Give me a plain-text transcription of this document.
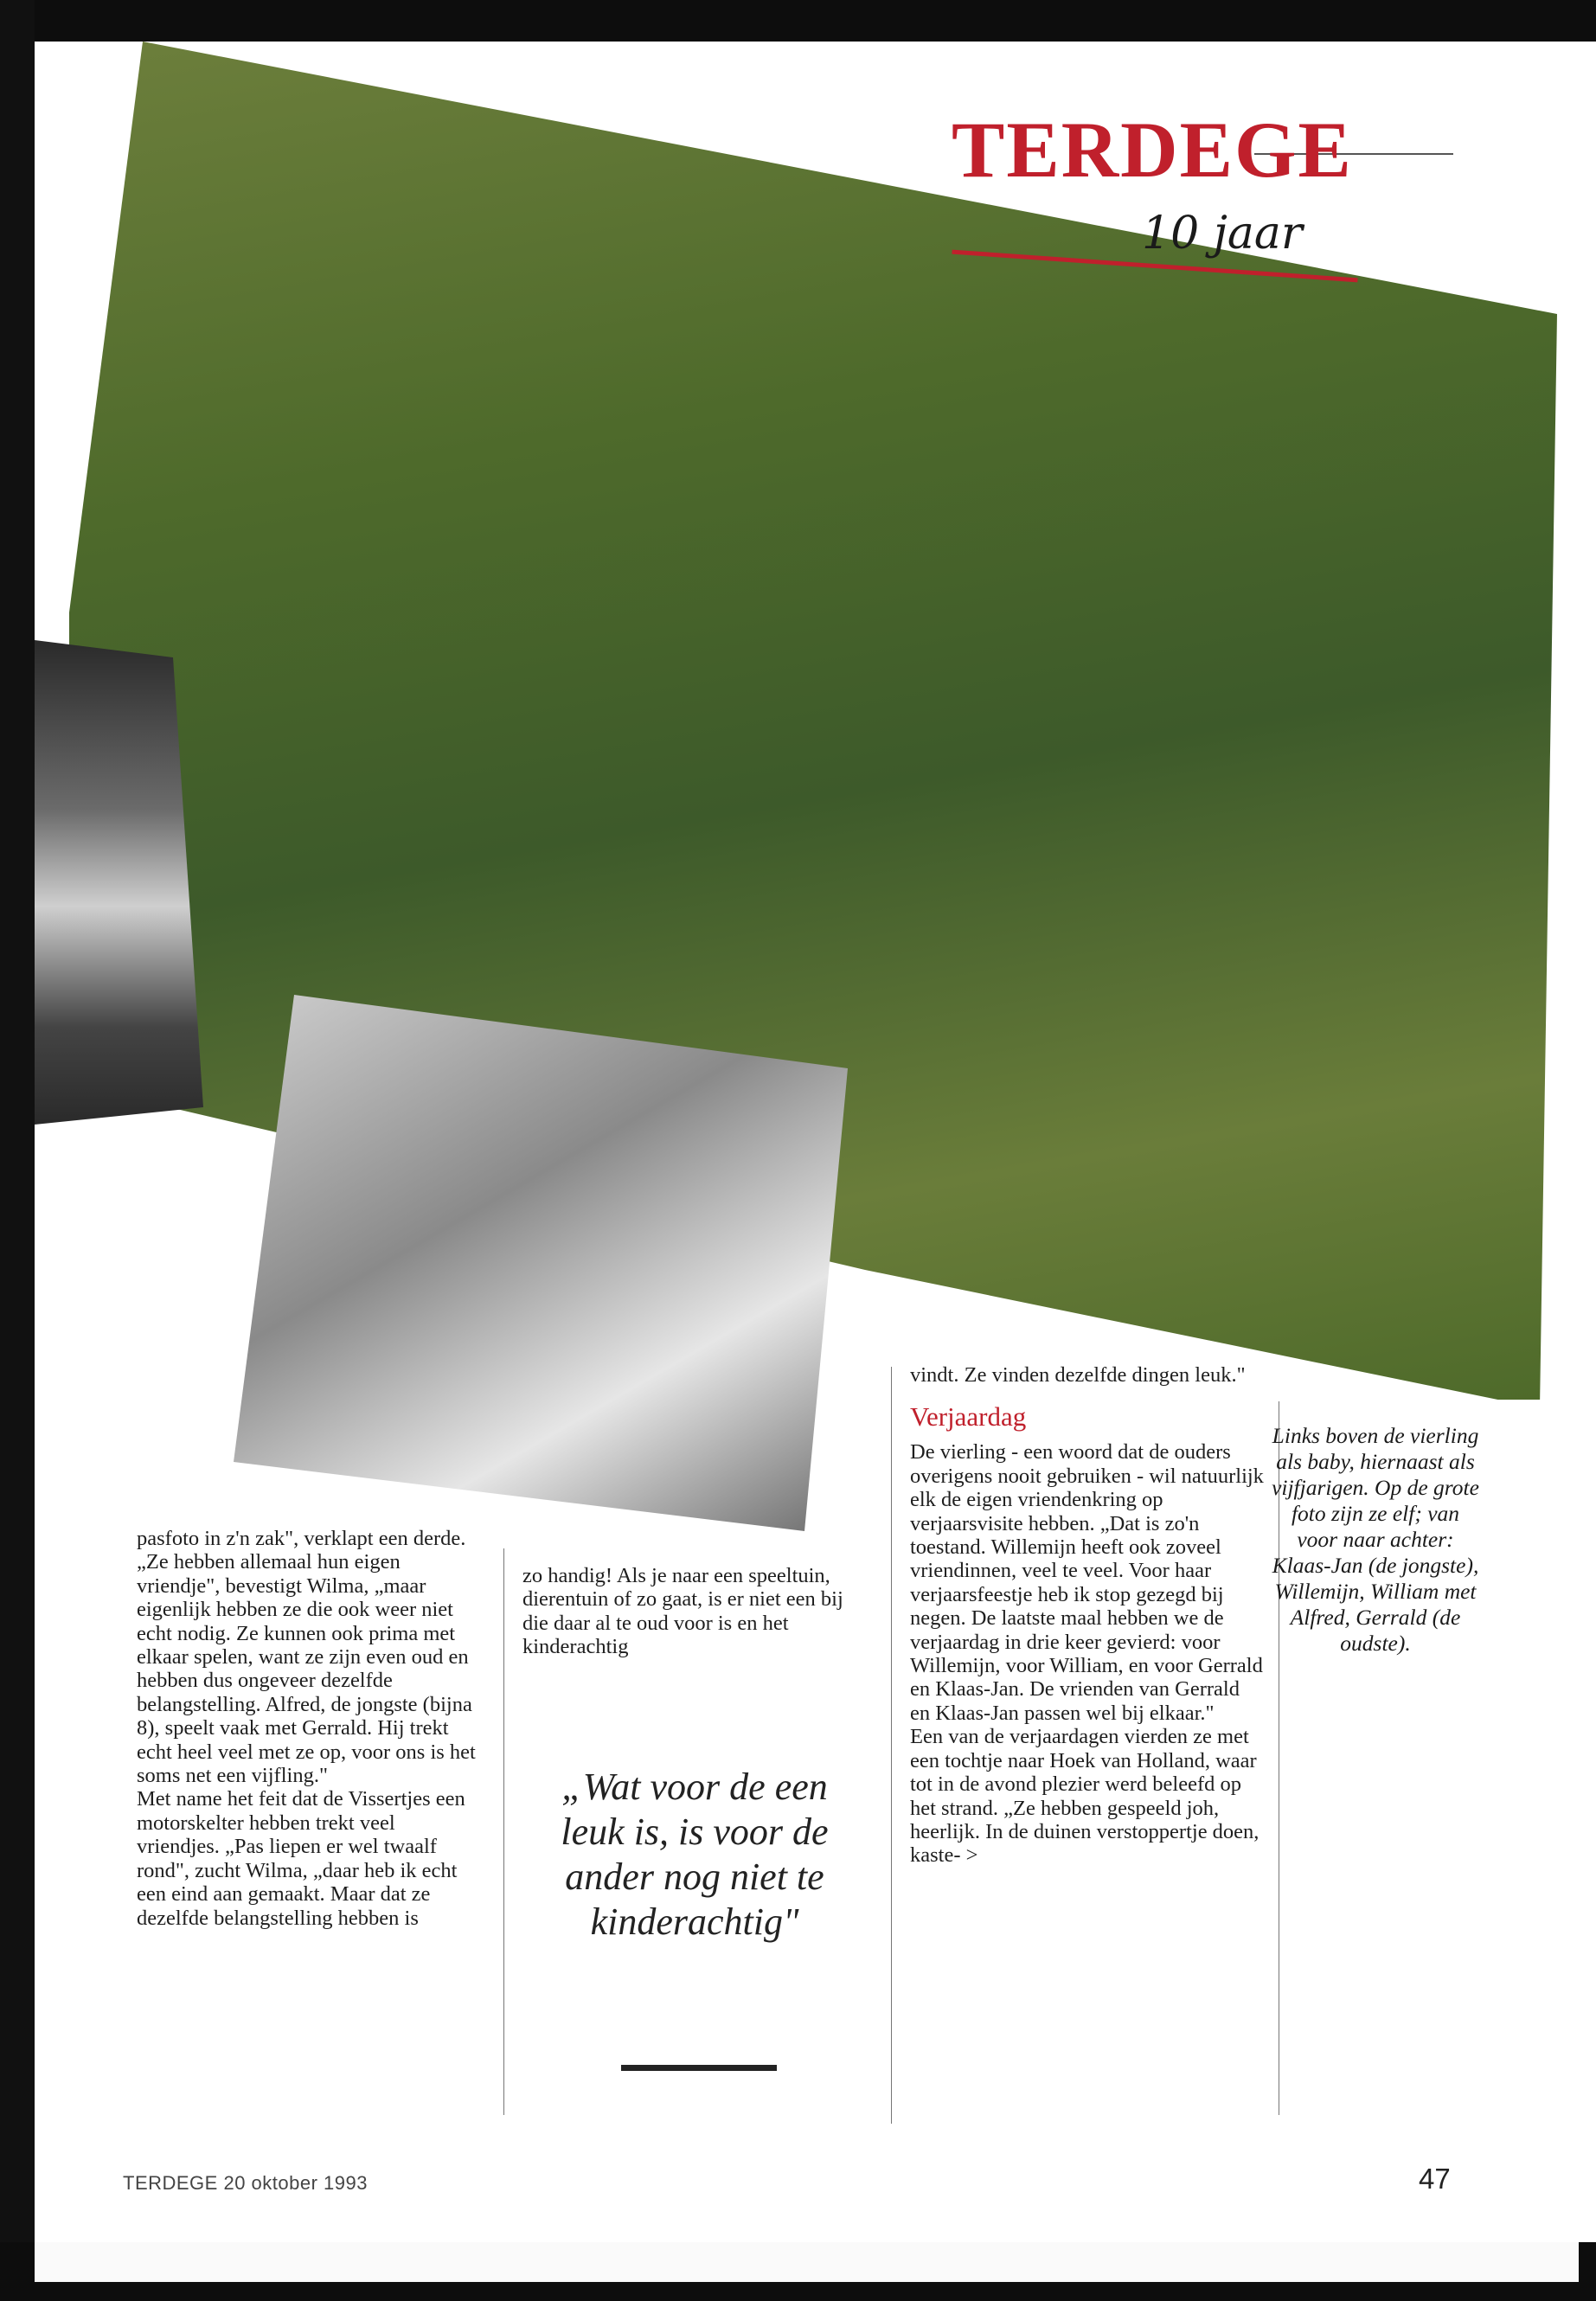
TERDEGE
10 jaar

pasfoto in z'n zak", verklapt een derde.

„Ze hebben allemaal hun eigen vriendje", bevestigt Wilma, „maar eigenlijk hebben ze die ook weer niet echt nodig. Ze kunnen ook prima met elkaar spelen, want ze zijn even oud en hebben dus ongeveer dezelfde belangstelling. Alfred, de jongste (bijna 8), speelt vaak met Gerrald. Hij trekt echt heel veel met ze op, voor ons is het soms net een vijfling."

Met name het feit dat de Vissertjes een motorskelter hebben trekt veel vriendjes. „Pas liepen er wel twaalf rond", zucht Wilma, „daar heb ik echt een eind aan gemaakt. Maar dat ze dezelfde belangstelling hebben is

zo handig! Als je naar een speeltuin, dierentuin of zo gaat, is er niet een bij die daar al te oud voor is en het kinderachtig

„Wat voor de een leuk is, is voor de ander nog niet te kinderachtig"

vindt. Ze vinden dezelfde dingen leuk."

Verjaardag

De vierling - een woord dat de ouders overigens nooit gebruiken - wil natuurlijk elk de eigen vriendenkring op verjaarsvisite hebben. „Dat is zo'n toestand. Willemijn heeft ook zoveel vriendinnen, veel te veel. Voor haar verjaarsfeestje heb ik stop gezegd bij negen. De laatste maal hebben we de verjaardag in drie keer gevierd: voor Willemijn, voor William, en voor Gerrald en Klaas-Jan. De vrienden van Gerrald en Klaas-Jan passen wel bij elkaar."

Een van de verjaardagen vierden ze met een tochtje naar Hoek van Holland, waar tot in de avond plezier werd beleefd op het strand. „Ze hebben gespeeld joh, heerlijk. In de duinen verstoppertje doen, kaste- >

Links boven de vierling als baby, hiernaast als vijfjarigen. Op de grote foto zijn ze elf; van voor naar achter: Klaas-Jan (de jongste), Willemijn, William met Alfred, Gerrald (de oudste).
TERDEGE 20 oktober 1993	47
